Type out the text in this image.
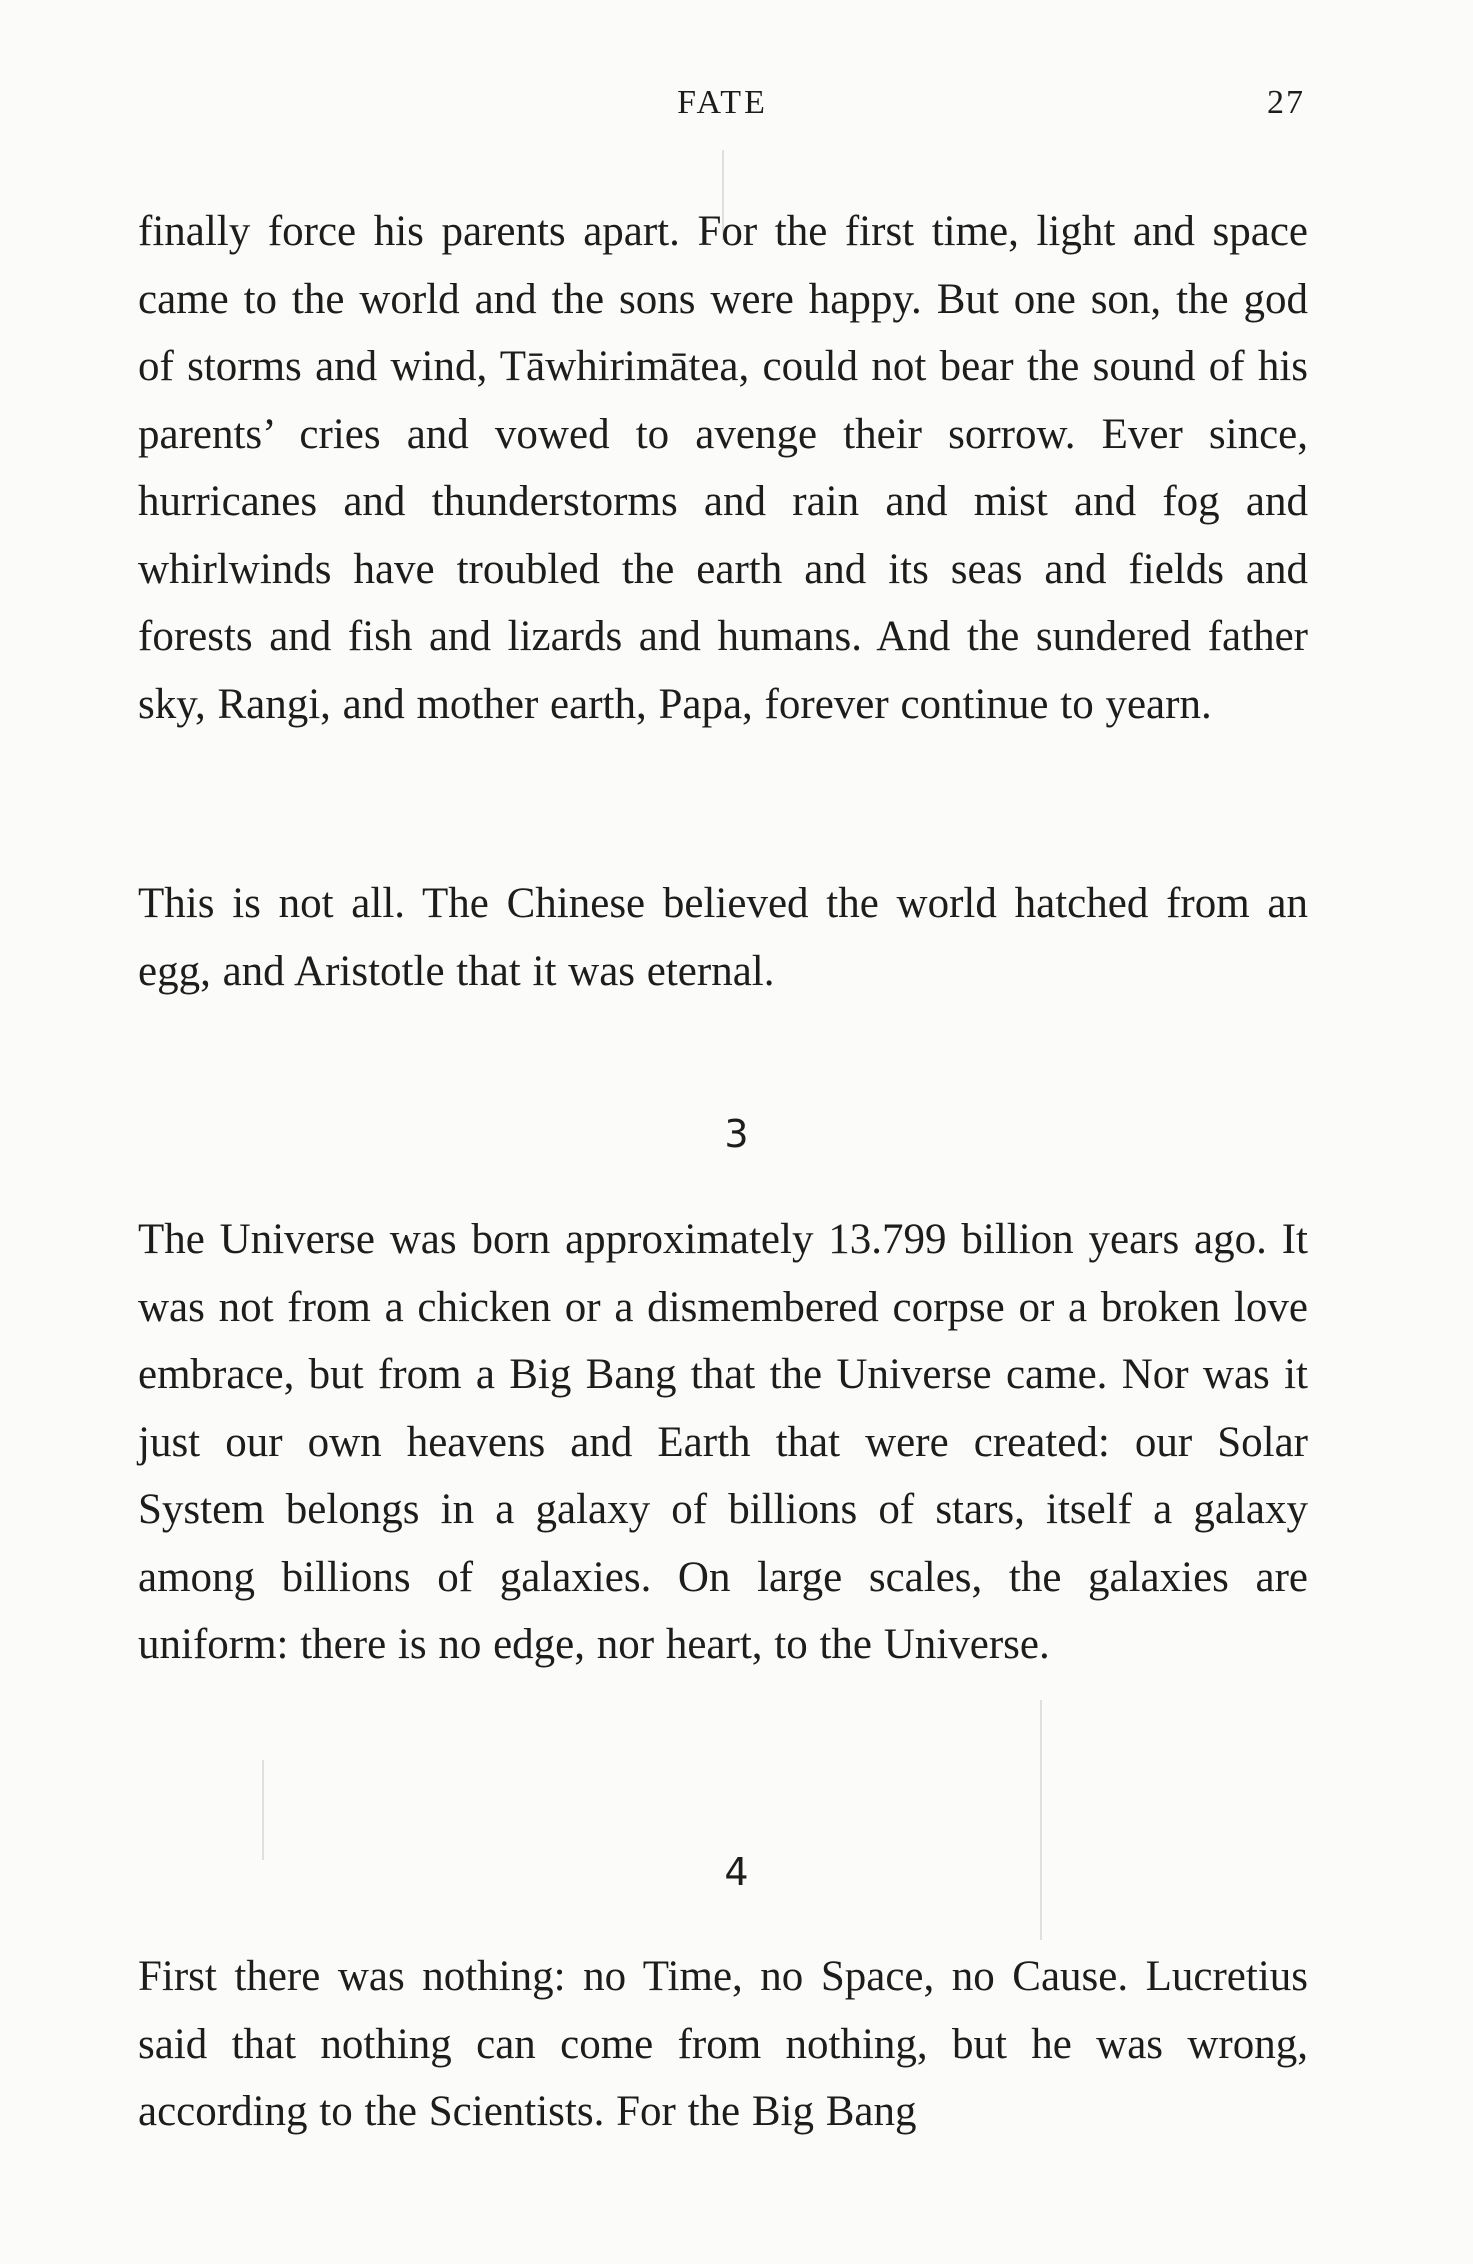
FATE	27

finally force his parents apart. For the first time, light and space came to the world and the sons were happy. But one son, the god of storms and wind, Tāwhirimātea, could not bear the sound of his parents’ cries and vowed to avenge their sorrow. Ever since, hurricanes and thunderstorms and rain and mist and fog and whirlwinds have troubled the earth and its seas and fields and forests and fish and lizards and humans. And the sundered father sky, Rangi, and mother earth, Papa, forever continue to yearn.

This is not all. The Chinese believed the world hatched from an egg, and Aristotle that it was eternal.

3

The Universe was born approximately 13.799 billion years ago. It was not from a chicken or a dismembered corpse or a broken love embrace, but from a Big Bang that the Universe came. Nor was it just our own heavens and Earth that were created: our Solar System belongs in a galaxy of billions of stars, itself a galaxy among billions of galaxies. On large scales, the galaxies are uniform: there is no edge, nor heart, to the Universe.

4

First there was nothing: no Time, no Space, no Cause. Lucretius said that nothing can come from nothing, but he was wrong, according to the Scientists. For the Big Bang
